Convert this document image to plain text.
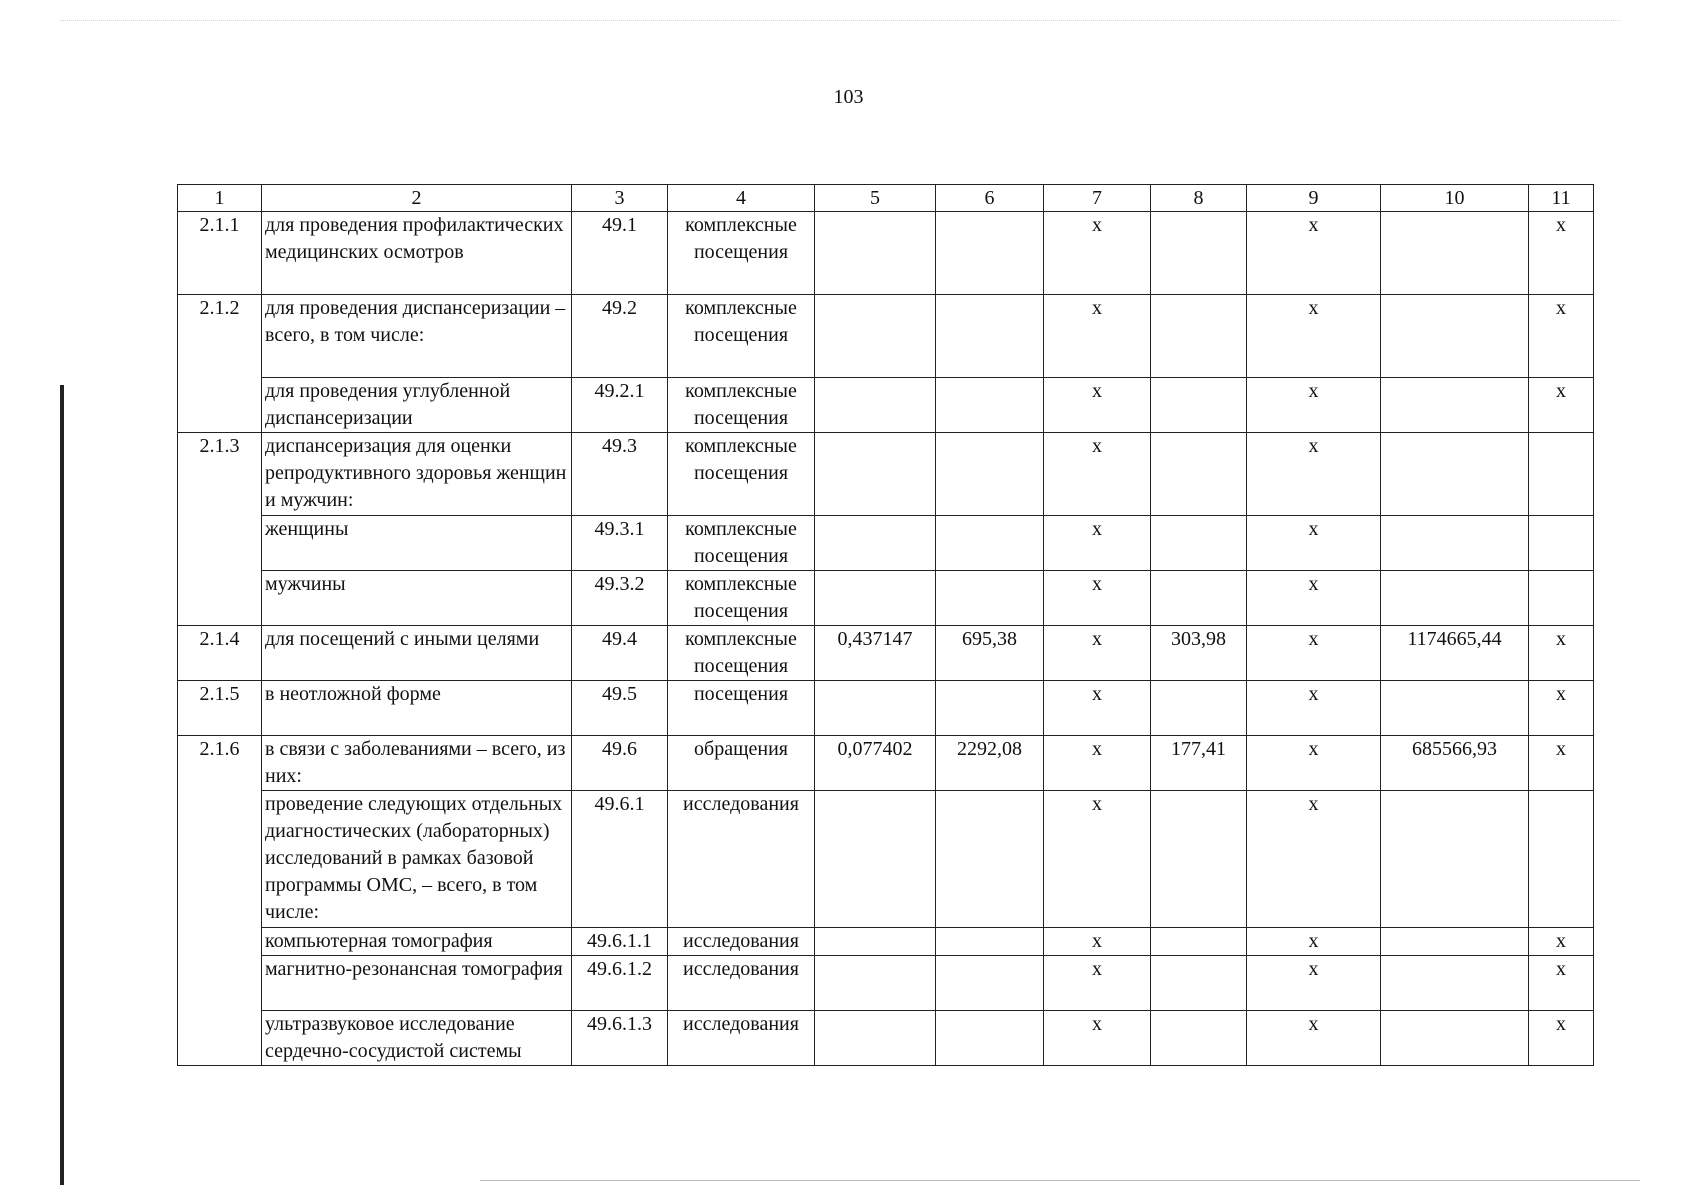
103
1	2	3	4	5	6	7	8	9	10	11
2.1.1	для проведения профилактических медицинских осмотров	49.1	комплексные посещения			х		х		х
2.1.2	для проведения диспансеризации – всего, в том числе:	49.2	комплексные посещения			х		х		х
	для проведения углубленной диспансеризации	49.2.1	комплексные посещения			х		х		х
2.1.3	диспансеризация для оценки репродуктивного здоровья женщин и мужчин:	49.3	комплексные посещения			х		х		
	женщины	49.3.1	комплексные посещения			х		х		
	мужчины	49.3.2	комплексные посещения			х		х		
2.1.4	для посещений с иными целями	49.4	комплексные посещения	0,437147	695,38	х	303,98	х	1174665,44	х
2.1.5	в неотложной форме	49.5	посещения			х		х		х
2.1.6	в связи с заболеваниями – всего, из них:	49.6	обращения	0,077402	2292,08	х	177,41	х	685566,93	х
	проведение следующих отдельных диагностических (лабораторных) исследований в рамках базовой программы ОМС, – всего, в том числе:	49.6.1	исследования			х		х		
	компьютерная томография	49.6.1.1	исследования			х		х		х
	магнитно-резонансная томография	49.6.1.2	исследования			х		х		х
	ультразвуковое исследование сердечно-сосудистой системы	49.6.1.3	исследования			х		х		х
